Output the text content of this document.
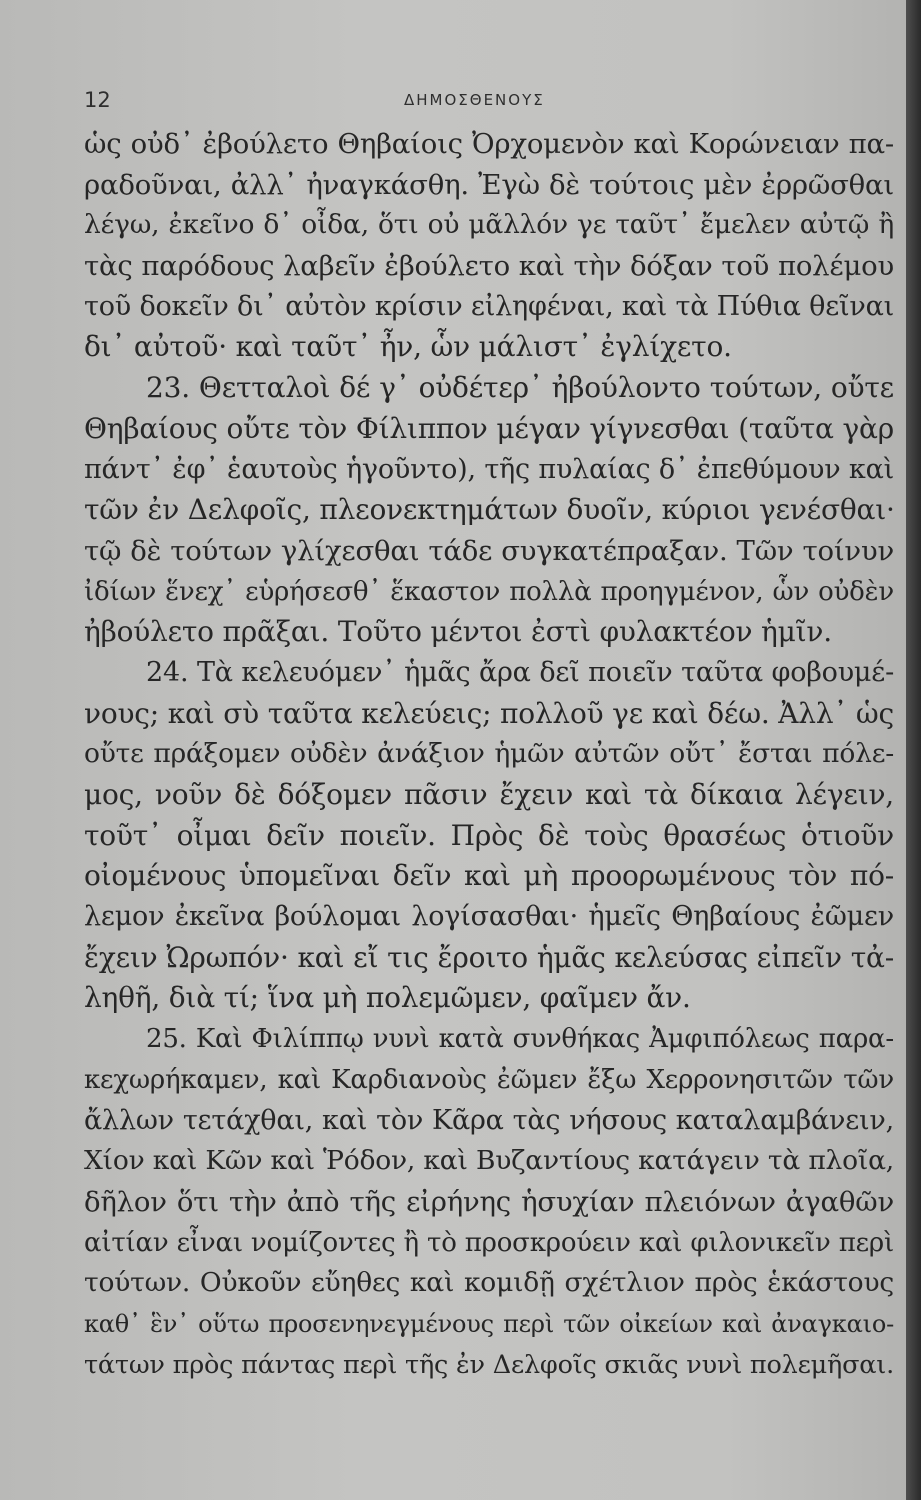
12	ΔΗΜΟΣΘΕΝΟΥΣ
ὡς οὐδ᾽ ἐβούλετο Θηβαίοις Ὀρχομενὸν καὶ Κορώνειαν πα-
ραδοῦναι, ἀλλ᾽ ἠναγκάσθη. Ἐγὼ δὲ τούτοις μὲν ἐρρῶσθαι
λέγω, ἐκεῖνο δ᾽ οἶδα, ὅτι οὐ μᾶλλόν γε ταῦτ᾽ ἔμελεν αὐτῷ ἢ
τὰς παρόδους λαβεῖν ἐβούλετο καὶ τὴν δόξαν τοῦ πολέμου
τοῦ δοκεῖν δι᾽ αὐτὸν κρίσιν εἰληφέναι, καὶ τὰ Πύθια θεῖναι
δι᾽ αὐτοῦ· καὶ ταῦτ᾽ ἦν, ὧν μάλιστ᾽ ἐγλίχετο.
23. Θετταλοὶ δέ γ᾽ οὐδέτερ᾽ ἠβούλοντο τούτων, οὔτε
Θηβαίους οὔτε τὸν Φίλιππον μέγαν γίγνεσθαι (ταῦτα γὰρ
πάντ᾽ ἐφ᾽ ἑαυτοὺς ἡγοῦντο), τῆς πυλαίας δ᾽ ἐπεθύμουν καὶ
τῶν ἐν Δελφοῖς, πλεονεκτημάτων δυοῖν, κύριοι γενέσθαι·
τῷ δὲ τούτων γλίχεσθαι τάδε συγκατέπραξαν. Τῶν τοίνυν
ἰδίων ἕνεχ᾽ εὑρήσεσθ᾽ ἕκαστον πολλὰ προηγμένον, ὧν οὐδὲν
ἠβούλετο πρᾶξαι. Τοῦτο μέντοι ἐστὶ φυλακτέον ἡμῖν.
24. Τὰ κελευόμεν᾽ ἡμᾶς ἄρα δεῖ ποιεῖν ταῦτα φοβουμέ-
νους; καὶ σὺ ταῦτα κελεύεις; πολλοῦ γε καὶ δέω. Ἀλλ᾽ ὡς
οὔτε πράξομεν οὐδὲν ἀνάξιον ἡμῶν αὐτῶν οὔτ᾽ ἔσται πόλε-
μος, νοῦν δὲ δόξομεν πᾶσιν ἔχειν καὶ τὰ δίκαια λέγειν,
τοῦτ᾽ οἶμαι δεῖν ποιεῖν. Πρὸς δὲ τοὺς θρασέως ὁτιοῦν
οἰομένους ὑπομεῖναι δεῖν καὶ μὴ προορωμένους τὸν πό-
λεμον ἐκεῖνα βούλομαι λογίσασθαι· ἡμεῖς Θηβαίους ἐῶμεν
ἔχειν Ὠρωπόν· καὶ εἴ τις ἔροιτο ἡμᾶς κελεύσας εἰπεῖν τἀ-
ληθῆ, διὰ τί; ἵνα μὴ πολεμῶμεν, φαῖμεν ἄν.
25. Καὶ Φιλίππῳ νυνὶ κατὰ συνθήκας Ἀμφιπόλεως παρα-
κεχωρήκαμεν, καὶ Καρδιανοὺς ἐῶμεν ἔξω Χερρονησιτῶν τῶν
ἄλλων τετάχθαι, καὶ τὸν Κᾶρα τὰς νήσους καταλαμβάνειν,
Χίον καὶ Κῶν καὶ Ῥόδον, καὶ Βυζαντίους κατάγειν τὰ πλοῖα,
δῆλον ὅτι τὴν ἀπὸ τῆς εἰρήνης ἡσυχίαν πλειόνων ἀγαθῶν
αἰτίαν εἶναι νομίζοντες ἢ τὸ προσκρούειν καὶ φιλονικεῖν περὶ
τούτων. Οὐκοῦν εὔηθες καὶ κομιδῇ σχέτλιον πρὸς ἑκάστους
καθ᾽ ἓν᾽ οὕτω προσενηνεγμένους περὶ τῶν οἰκείων καὶ ἀναγκαιο-
τάτων πρὸς πάντας περὶ τῆς ἐν Δελφοῖς σκιᾶς νυνὶ πολεμῆσαι.
